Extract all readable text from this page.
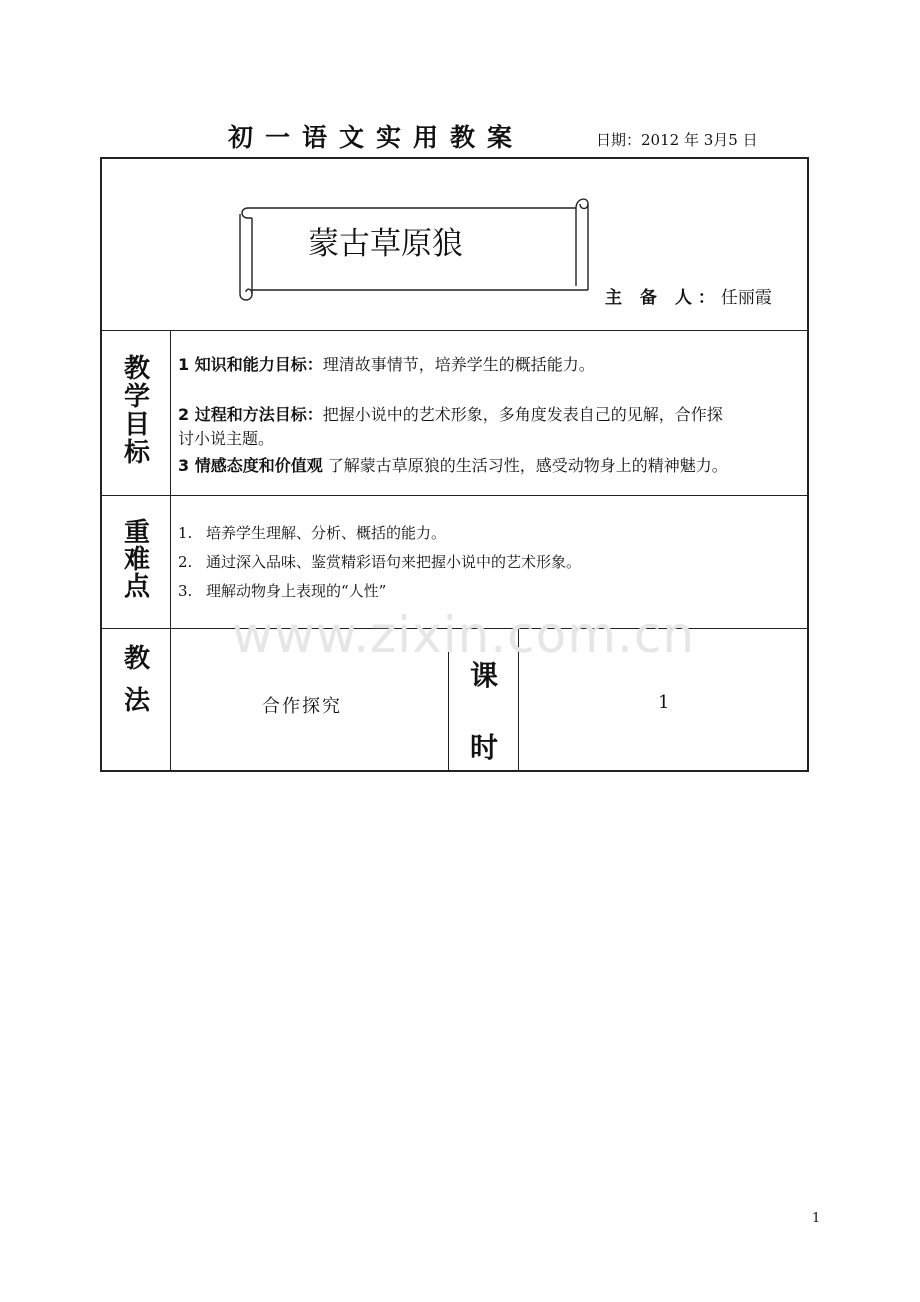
初一语文实用教案	日期：2012 年 3月5 日
蒙古草原狼
主 备 人：任丽霞
教
学
目
标
1 知识和能力目标：理清故事情节，培养学生的概括能力。
2 过程和方法目标：把握小说中的艺术形象，多角度发表自己的见解，合作探
讨小说主题。
3 情感态度和价值观 了解蒙古草原狼的生活习性，感受动物身上的精神魅力。
重
难
点
1. 培养学生理解、分析、概括的能力。
2. 通过深入品味、鉴赏精彩语句来把握小说中的艺术形象。
3. 理解动物身上表现的“人性”
www.zixin.com.cn
教
法	合作探究
课
时
1
1
